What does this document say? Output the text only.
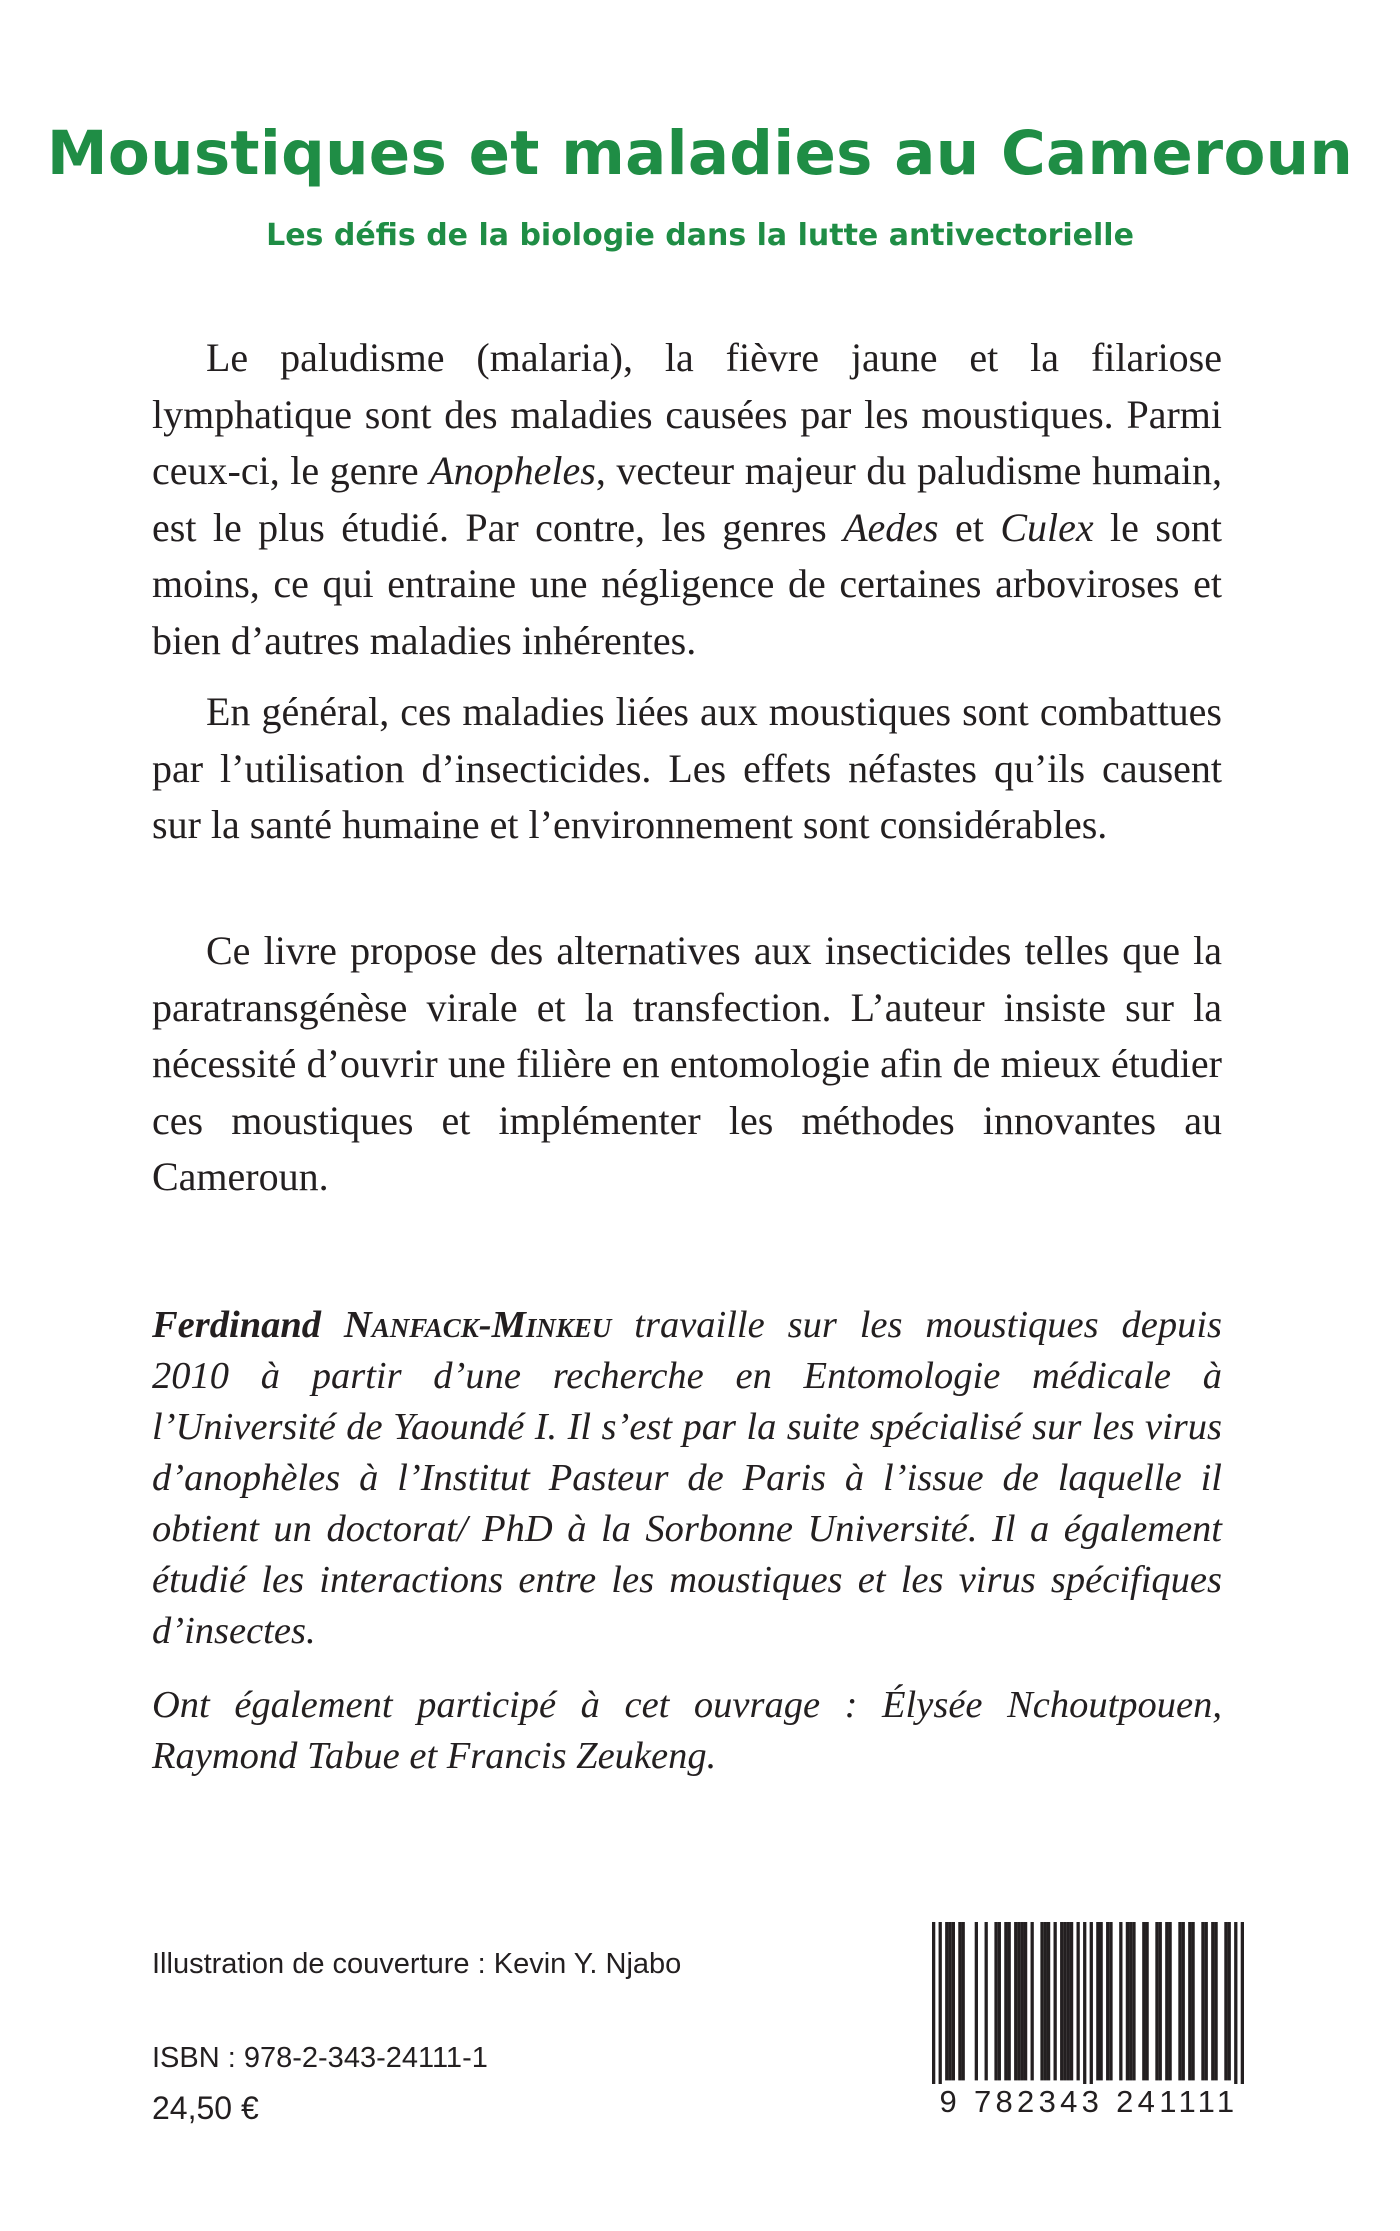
Moustiques et maladies au Cameroun
Les défis de la biologie dans la lutte antivectorielle

Le paludisme (malaria), la fièvre jaune et la filariose lymphatique sont des maladies causées par les moustiques. Parmi ceux-ci, le genre Anopheles, vecteur majeur du paludisme humain, est le plus étudié. Par contre, les genres Aedes et Culex le sont moins, ce qui entraine une négligence de certaines arboviroses et bien d’autres maladies inhérentes.

En général, ces maladies liées aux moustiques sont combattues par l’utilisation d’insecticides. Les effets néfastes qu’ils causent sur la santé humaine et l’environnement sont considérables.

Ce livre propose des alternatives aux insecticides telles que la paratransgénèse virale et la transfection. L’auteur insiste sur la nécessité d’ouvrir une filière en entomologie afin de mieux étudier ces moustiques et implémenter les méthodes innovantes au Cameroun.

Ferdinand Nanfack-Minkeu travaille sur les moustiques depuis 2010 à partir d’une recherche en Entomologie médicale à l’Université de Yaoundé I. Il s’est par la suite spécialisé sur les virus d’anophèles à l’Institut Pasteur de Paris à l’issue de laquelle il obtient un doctorat/ PhD à la Sorbonne Université. Il a également étudié les interactions entre les moustiques et les virus spécifiques d’insectes.

Ont également participé à cet ouvrage : Élysée Nchoutpouen, Raymond Tabue et Francis Zeukeng.

Illustration de couverture : Kevin Y. Njabo

ISBN : 978-2-343-24111-1

24,50 €	9 782343 241111
